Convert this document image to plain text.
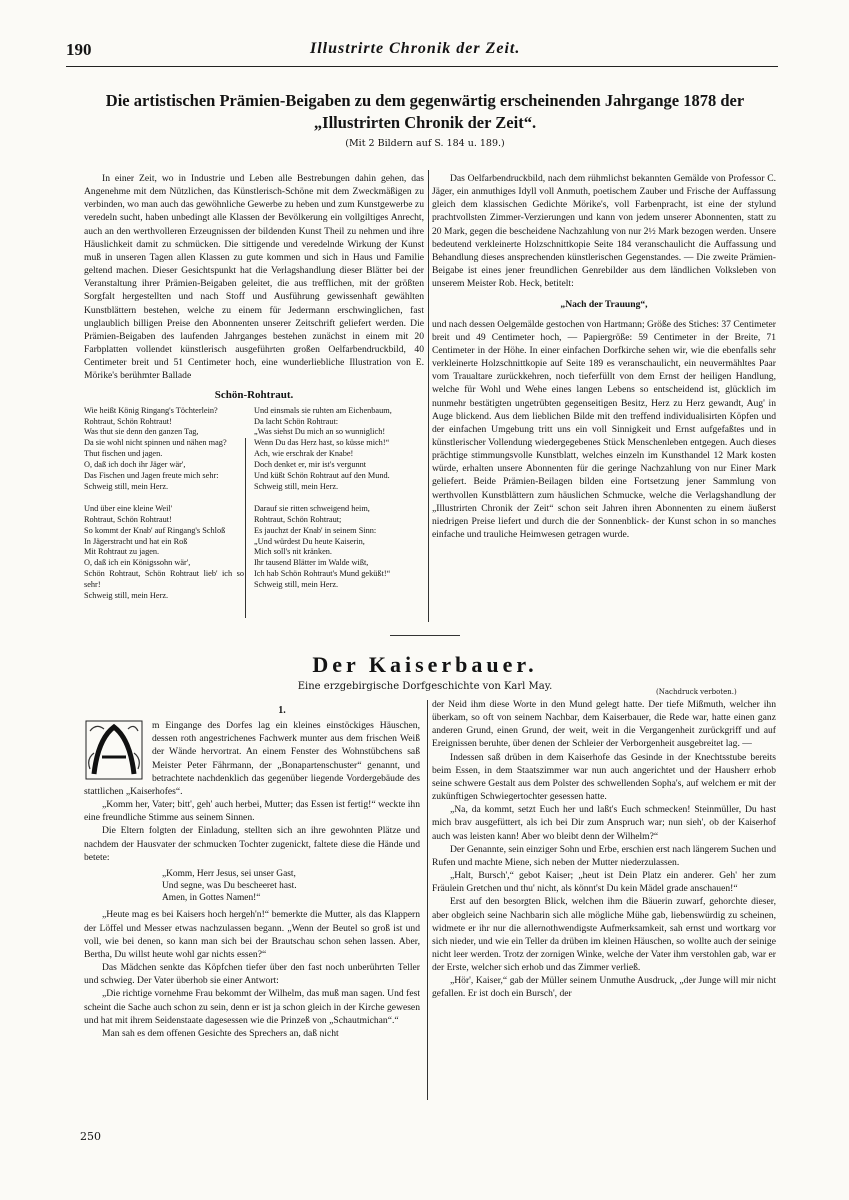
190	Illustrirte Chronik der Zeit.
Die artistischen Prämien-Beigaben zu dem gegenwärtig erscheinenden Jahrgange 1878 der
„Illustrirten Chronik der Zeit“.
(Mit 2 Bildern auf S. 184 u. 189.)

In einer Zeit, wo in Industrie und Leben alle Bestrebungen dahin gehen, das Angenehme mit dem Nützlichen, das Künstlerisch-Schöne mit dem Zweckmäßigen zu verbinden, wo man auch das gewöhnliche Gewerbe zu heben und zum Kunstgewerbe zu veredeln sucht, haben unbedingt alle Klassen der Bevölkerung ein vollgiltiges Anrecht, auch an den werthvolleren Erzeugnissen der bildenden Kunst Theil zu nehmen und ihre Häuslichkeit damit zu schmücken. Die sittigende und veredelnde Wirkung der Kunst muß in unseren Tagen allen Klassen zu gute kommen und sich in Haus und Familie geltend machen. Dieser Gesichtspunkt hat die Verlagshandlung dieser Blätter bei der Veranstaltung ihrer Prämien-Beigaben geleitet, die aus trefflichen, mit der größten Sorgfalt hergestellten und nach Stoff und Ausführung gewissenhaft gewählten Kunstblättern bestehen, welche zu einem für Jedermann erschwinglichen, fast unglaublich billigen Preise den Abonnenten unserer Zeitschrift geliefert werden. Die Prämien-Beigaben des laufenden Jahrganges bestehen zunächst in einem mit 20 Farbplatten vollendet künstlerisch ausgeführten großen Oelfarbendruckbild, 40 Centimeter breit und 51 Centimeter hoch, eine wunderliebliche Illustration von E. Mörike's berühmter Ballade

Schön-Rohtraut.
Wie heißt König Ringang's Töchterlein?
Rohtraut, Schön Rohtraut!
Was thut sie denn den ganzen Tag,
Da sie wohl nicht spinnen und nähen mag?
Thut fischen und jagen.
O, daß ich doch ihr Jäger wär',
Das Fischen und Jagen freute mich sehr:
Schweig still, mein Herz.

Und über eine kleine Weil'
Rohtraut, Schön Rohtraut!
So kommt der Knab' auf Ringang's Schloß
In Jägerstracht und hat ein Roß
Mit Rohtraut zu jagen.
O, daß ich ein Königssohn wär',
Schön Rohtraut, Schön Rohtraut lieb' ich so sehr!
Schweig still, mein Herz.
Und einsmals sie ruhten am Eichenbaum,
Da lacht Schön Rohtraut:
„Was siehst Du mich an so wunniglich!
Wenn Du das Herz hast, so küsse mich!“
Ach, wie erschrak der Knabe!
Doch denket er, mir ist's vergunnt
Und küßt Schön Rohtraut auf den Mund.
Schweig still, mein Herz.

Darauf sie ritten schweigend heim,
Rohtraut, Schön Rohtraut;
Es jauchzt der Knab' in seinem Sinn:
„Und würdest Du heute Kaiserin,
Mich soll's nit kränken.
Ihr tausend Blätter im Walde wißt,
Ich hab Schön Rohtraut's Mund geküßt!“
Schweig still, mein Herz.

Das Oelfarbendruckbild, nach dem rühmlichst bekannten Gemälde von Professor C. Jäger, ein anmuthiges Idyll voll Anmuth, poetischem Zauber und Frische der Auffassung gleich dem klassischen Gedichte Mörike's, voll Farbenpracht, ist eine der stylund prachtvollsten Zimmer-Verzierungen und kann von jedem unserer Abonnenten, statt zu 20 Mark, gegen die bescheidene Nachzahlung von nur 2½ Mark bezogen werden. Unsere bedeutend verkleinerte Holzschnittkopie Seite 184 veranschaulicht die Auffassung und Behandlung dieses ansprechenden künstlerischen Gegenstandes. — Die zweite Prämien-Beigabe ist eines jener freundlichen Genrebilder aus dem ländlichen Volksleben von unserem Meister Rob. Heck, betitelt:

„Nach der Trauung“,

und nach dessen Oelgemälde gestochen von Hartmann; Größe des Stiches: 37 Centimeter breit und 49 Centimeter hoch, — Papiergröße: 59 Centimeter in der Breite, 71 Centimeter in der Höhe. In einer einfachen Dorfkirche sehen wir, wie die ebenfalls sehr verkleinerte Holzschnittkopie auf Seite 189 es veranschaulicht, ein neuvermähltes Paar vom Traualtare zurückkehren, noch tieferfüllt von dem Ernst der heiligen Handlung, welche für Wohl und Wehe eines langen Lebens so entscheidend ist, glücklich im nunmehr bestätigten ungetrübten gegenseitigen Besitz, Herz zu Herz gewandt, Aug' in Auge blickend. Aus dem lieblichen Bilde mit den treffend individualisirten Köpfen und der einfachen Umgebung tritt uns ein voll Sinnigkeit und Ernst aufgefaßtes und in künstlerischer Vollendung wiedergegebenes Stück Menschenleben entgegen. Auch dieses prächtige stimmungsvolle Kunstblatt, welches einzeln im Kunsthandel 12 Mark kosten würde, erhalten unsere Abonnenten für die geringe Nachzahlung von nur Einer Mark geliefert. Beide Prämien-Beilagen bilden eine Fortsetzung jener Sammlung von werthvollen Kunstblättern zum häuslichen Schmucke, welche die Verlagshandlung der „Illustrirten Chronik der Zeit“ schon seit Jahren ihren Abonnenten zu einem äußerst niedrigen Preise liefert und durch die der Sonnenblick- der Kunst schon in so manches einfache und trauliche Heimwesen getragen wurde.

Der Kaiserbauer.
Eine erzgebirgische Dorfgeschichte von Karl May.	(Nachdruck verboten.)
1.

m Eingange des Dorfes lag ein kleines einstöckiges Häuschen, dessen roth angestrichenes Fachwerk munter aus dem frischen Weiß der Wände hervortrat. An einem Fenster des Wohnstübchens saß Meister Peter Fährmann, der „Bonapartenschuster“ genannt, und betrachtete nachdenklich das gegenüber liegende Vordergebäude des stattlichen „Kaiserhofes“.

„Komm her, Vater; bitt', geh' auch herbei, Mutter; das Essen ist fertig!“ weckte ihn eine freundliche Stimme aus seinem Sinnen.

Die Eltern folgten der Einladung, stellten sich an ihre gewohnten Plätze und nachdem der Hausvater der schmucken Tochter zugenickt, faltete diese die Hände und betete:

„Komm, Herr Jesus, sei unser Gast,
Und segne, was Du bescheeret hast.
Amen, in Gottes Namen!“

„Heute mag es bei Kaisers hoch hergeh'n!“ bemerkte die Mutter, als das Klappern der Löffel und Messer etwas nachzulassen begann. „Wenn der Beutel so groß ist und voll, wie bei denen, so kann man sich bei der Brautschau schon sehen lassen. Aber, Bertha, Du willst heute wohl gar nichts essen?“

Das Mädchen senkte das Köpfchen tiefer über den fast noch unberührten Teller und schwieg. Der Vater überhob sie einer Antwort:

„Die richtige vornehme Frau bekommt der Wilhelm, das muß man sagen. Und fest scheint die Sache auch schon zu sein, denn er ist ja schon gleich in der Kirche gewesen und hat mit ihrem Seidenstaate dagesessen wie die Prinzeß von „Schautmichan“.“

Man sah es dem offenen Gesichte des Sprechers an, daß nicht

der Neid ihm diese Worte in den Mund gelegt hatte. Der tiefe Mißmuth, welcher ihn überkam, so oft von seinem Nachbar, dem Kaiserbauer, die Rede war, hatte einen ganz anderen Grund, einen Grund, der weit, weit in die Vergangenheit zurückgriff und auf Ereignissen beruhte, über denen der Schleier der Verborgenheit ausgebreitet lag. —

Indessen saß drüben in dem Kaiserhofe das Gesinde in der Knechtsstube bereits beim Essen, in dem Staatszimmer war nun auch angerichtet und der Hausherr erhob seine schwere Gestalt aus dem Polster des schwellenden Sopha's, auf welchem er mit der zukünftigen Schwiegertochter gesessen hatte.

„Na, da kommt, setzt Euch her und laßt's Euch schmecken! Steinmüller, Du hast mich brav ausgefüttert, als ich bei Dir zum Anspruch war; nun sieh', ob der Kaiserhof auch was leisten kann! Aber wo bleibt denn der Wilhelm?“

Der Genannte, sein einziger Sohn und Erbe, erschien erst nach längerem Suchen und Rufen und machte Miene, sich neben der Mutter niederzulassen.

„Halt, Bursch',“ gebot Kaiser; „heut ist Dein Platz ein anderer. Geh' her zum Fräulein Gretchen und thu' nicht, als könnt'st Du kein Mädel grade anschauen!“

Erst auf den besorgten Blick, welchen ihm die Bäuerin zuwarf, gehorchte dieser, aber obgleich seine Nachbarin sich alle mögliche Mühe gab, liebenswürdig zu scheinen, widmete er ihr nur die allernothwendigste Aufmerksamkeit, sah ernst und wortkarg vor sich nieder, und wie ein Teller da drüben im kleinen Häuschen, so wollte auch der seinige nicht leer werden. Trotz der zornigen Winke, welche der Vater ihm verstohlen gab, war er der Erste, welcher sich erhob und das Zimmer verließ.

„Hör', Kaiser,“ gab der Müller seinem Unmuthe Ausdruck, „der Junge will mir nicht gefallen. Er ist doch ein Bursch', der

250
